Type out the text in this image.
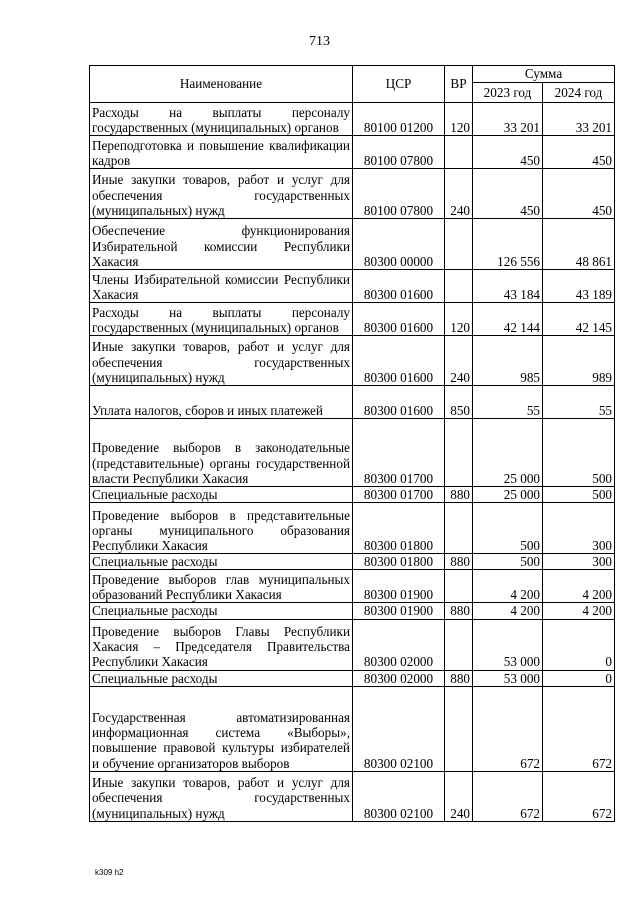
713
Наименование	ЦСР	ВР	Сумма	
			2023 год	2024 год
Расходы на выплаты персоналу государственных (муниципальных) органов	80100 01200	120	33 201	33 201
Переподготовка и повышение квалификации кадров	80100 07800		450	450
Иные закупки товаров, работ и услуг для обеспечения государственных (муниципальных) нужд	80100 07800	240	450	450
Обеспечение функционирования Избирательной комиссии Республики Хакасия	80300 00000		126 556	48 861
Члены Избирательной комиссии Республики Хакасия	80300 01600		43 184	43 189
Расходы на выплаты персоналу государственных (муниципальных) органов	80300 01600	120	42 144	42 145
Иные закупки товаров, работ и услуг для обеспечения государственных (муниципальных) нужд	80300 01600	240	985	989
Уплата налогов, сборов и иных платежей	80300 01600	850	55	55
Проведение выборов в законодательные (представительные) органы государственной власти Республики Хакасия	80300 01700		25 000	500
Специальные расходы	80300 01700	880	25 000	500
Проведение выборов в представительные органы муниципального образования Республики Хакасия	80300 01800		500	300
Специальные расходы	80300 01800	880	500	300
Проведение выборов глав муниципальных образований Республики Хакасия	80300 01900		4 200	4 200
Специальные расходы	80300 01900	880	4 200	4 200
Проведение выборов Главы Республики Хакасия – Председателя Правительства Республики Хакасия	80300 02000		53 000	0
Специальные расходы	80300 02000	880	53 000	0
Государственная автоматизированная информационная система «Выборы», повышение правовой культуры избирателей и обучение организаторов выборов	80300 02100		672	672
Иные закупки товаров, работ и услуг для обеспечения государственных (муниципальных) нужд	80300 02100	240	672	672
k309 h2
